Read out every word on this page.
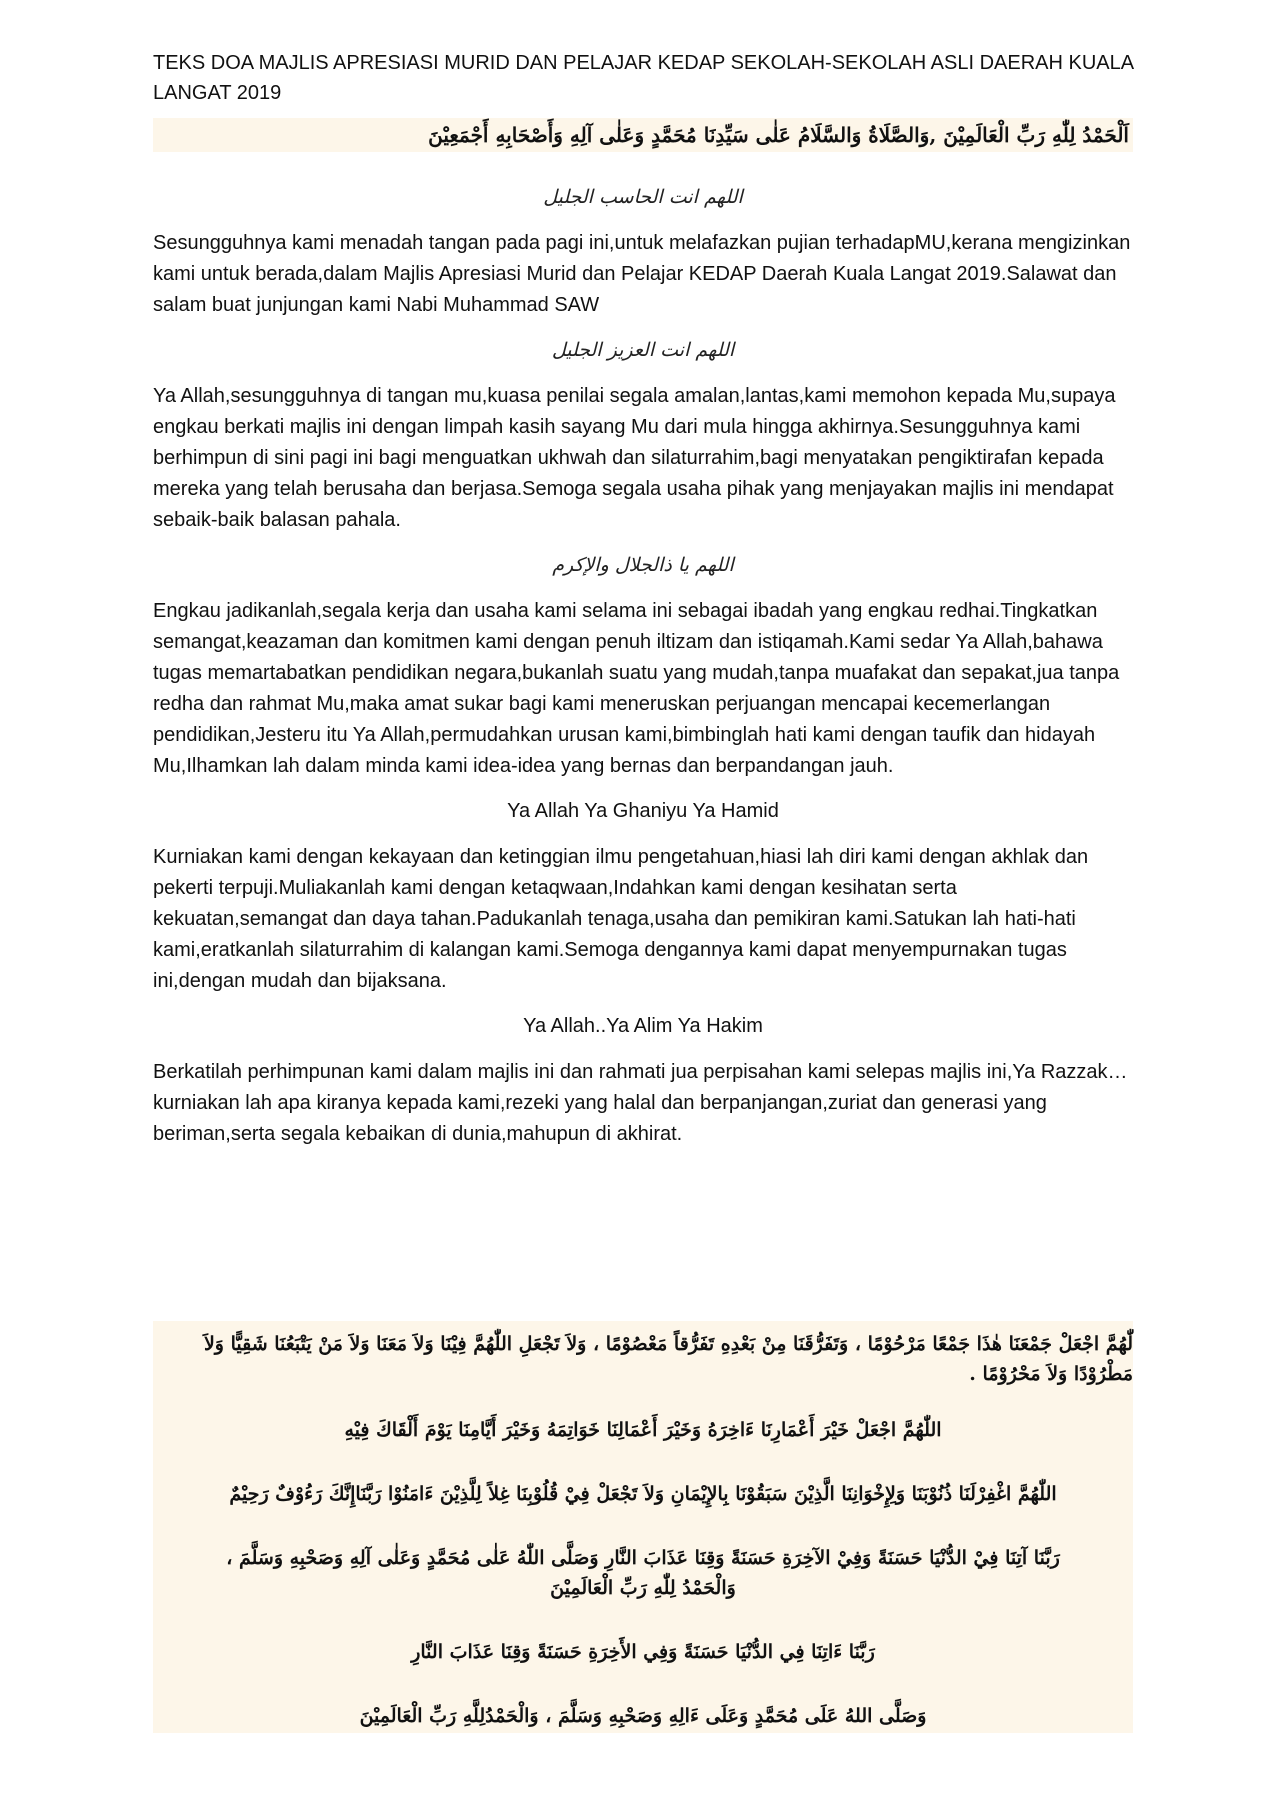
TEKS DOA MAJLIS APRESIASI MURID DAN PELAJAR KEDAP SEKOLAH-SEKOLAH ASLI DAERAH KUALA LANGAT 2019
اَلْحَمْدُ لِلّٰهِ رَبِّ الْعَالَمِيْنَ ,وَالصَّلَاةُ وَالسَّلَامُ عَلٰى سَيِّدِنَا مُحَمَّدٍ وَعَلٰى آلِهِ وَأَصْحَابِهِ أَجْمَعِيْنَ

اللهم انت الحاسب الجليل

Sesungguhnya kami menadah tangan pada pagi ini,untuk melafazkan pujian terhadapMU,kerana mengizinkan kami untuk berada,dalam Majlis Apresiasi Murid dan Pelajar KEDAP Daerah Kuala Langat 2019.Salawat dan salam buat junjungan kami Nabi Muhammad SAW

اللهم انت العزيز الجليل

Ya Allah,sesungguhnya di tangan mu,kuasa penilai segala amalan,lantas,kami memohon kepada Mu,supaya engkau berkati majlis ini dengan limpah kasih sayang Mu dari mula hingga akhirnya.Sesungguhnya kami berhimpun di sini pagi ini bagi menguatkan ukhwah dan silaturrahim,bagi menyatakan pengiktirafan kepada mereka yang telah berusaha dan berjasa.Semoga segala usaha pihak yang menjayakan majlis ini mendapat sebaik-baik balasan pahala.

اللهم يا ذالجلال والإكرم

Engkau jadikanlah,segala kerja dan usaha kami selama ini sebagai ibadah yang engkau redhai.Tingkatkan semangat,keazaman dan komitmen kami dengan penuh iltizam dan istiqamah.Kami sedar Ya Allah,bahawa tugas memartabatkan pendidikan negara,bukanlah suatu yang mudah,tanpa muafakat dan sepakat,jua tanpa redha dan rahmat Mu,maka amat sukar bagi kami meneruskan perjuangan mencapai kecemerlangan pendidikan,Jesteru itu Ya Allah,permudahkan urusan kami,bimbinglah hati kami dengan taufik dan hidayah Mu,Ilhamkan lah dalam minda kami idea-idea yang bernas dan berpandangan jauh.

Ya Allah Ya Ghaniyu Ya Hamid

Kurniakan kami dengan kekayaan dan ketinggian ilmu pengetahuan,hiasi lah diri kami dengan akhlak dan pekerti terpuji.Muliakanlah kami dengan ketaqwaan,Indahkan kami dengan kesihatan serta kekuatan,semangat dan daya tahan.Padukanlah tenaga,usaha dan pemikiran kami.Satukan lah hati-hati kami,eratkanlah silaturrahim di kalangan kami.Semoga dengannya kami dapat menyempurnakan tugas ini,dengan mudah dan bijaksana.

Ya Allah..Ya Alim Ya Hakim

Berkatilah perhimpunan kami dalam majlis ini dan rahmati jua perpisahan kami selepas majlis ini,Ya Razzak…kurniakan lah apa kiranya kepada kami,rezeki yang halal dan berpanjangan,zuriat dan generasi yang beriman,serta segala kebaikan di dunia,mahupun di akhirat.

لّٰهُمَّ اجْعَلْ جَمْعَنَا هٰذَا جَمْعًا مَرْحُوْمًا ، وَتَفَرُّقَنَا مِنْ بَعْدِهِ تَفَرُّقاً مَعْصُوْمًا ، وَلاَ تَجْعَلِ اللّٰهُمَّ فِيْنَا وَلاَ مَعَنَا وَلاَ مَنْ يَتْبَعُنَا شَقِيًّا وَلاَ مَطْرُوْدًا وَلاَ مَحْرُوْمًا .

اللّٰهُمَّ اجْعَلْ خَيْرَ أَعْمَارِنَا ءَاخِرَهُ وَخَيْرَ أَعْمَالِنَا خَوَاتِمَهُ وَخَيْرَ أَيَّامِنَا يَوْمَ أَلْقَاكَ فِيْهِ

اللّٰهُمَّ اغْفِرْلَنَا ذُنُوْبَنَا وَلِإِخْوَانِنَا الَّذِيْنَ سَبَقُوْنَا بِالإِيْمَانِ وَلاَ تَجْعَلْ فِيْ قُلُوْبِنَا غِلاً لِلَّذِيْنَ ءَامَنُوْا رَبَّنَاإِنَّكَ رَءُوْفٌ رَحِيْمٌ

رَبَّنَا آتِنَا فِيْ الدُّنْيَا حَسَنَةً وَفِيْ الآخِرَةِ حَسَنَةً وَقِنَا عَذَابَ النَّارِ وَصَلَّى اللّٰهُ عَلٰى مُحَمَّدٍ وَعَلٰى آلِهِ وَصَحْبِهِ وَسَلَّمَ ،

وَالْحَمْدُ لِلّٰهِ رَبِّ الْعَالَمِيْنَ

رَبَّنَا ءَاتِنَا فِي الدُّنْيَا حَسَنَةً وَفِي الأَخِرَةِ حَسَنَةً وَقِنَا عَذَابَ النَّارِ

وَصَلَّى اللهُ عَلَى مُحَمَّدٍ وَعَلَى ءَالِهِ وَصَحْبِهِ وَسَلَّمَ ، وَالْحَمْدُلِلَّهِ رَبِّ الْعَالَمِيْنَ
